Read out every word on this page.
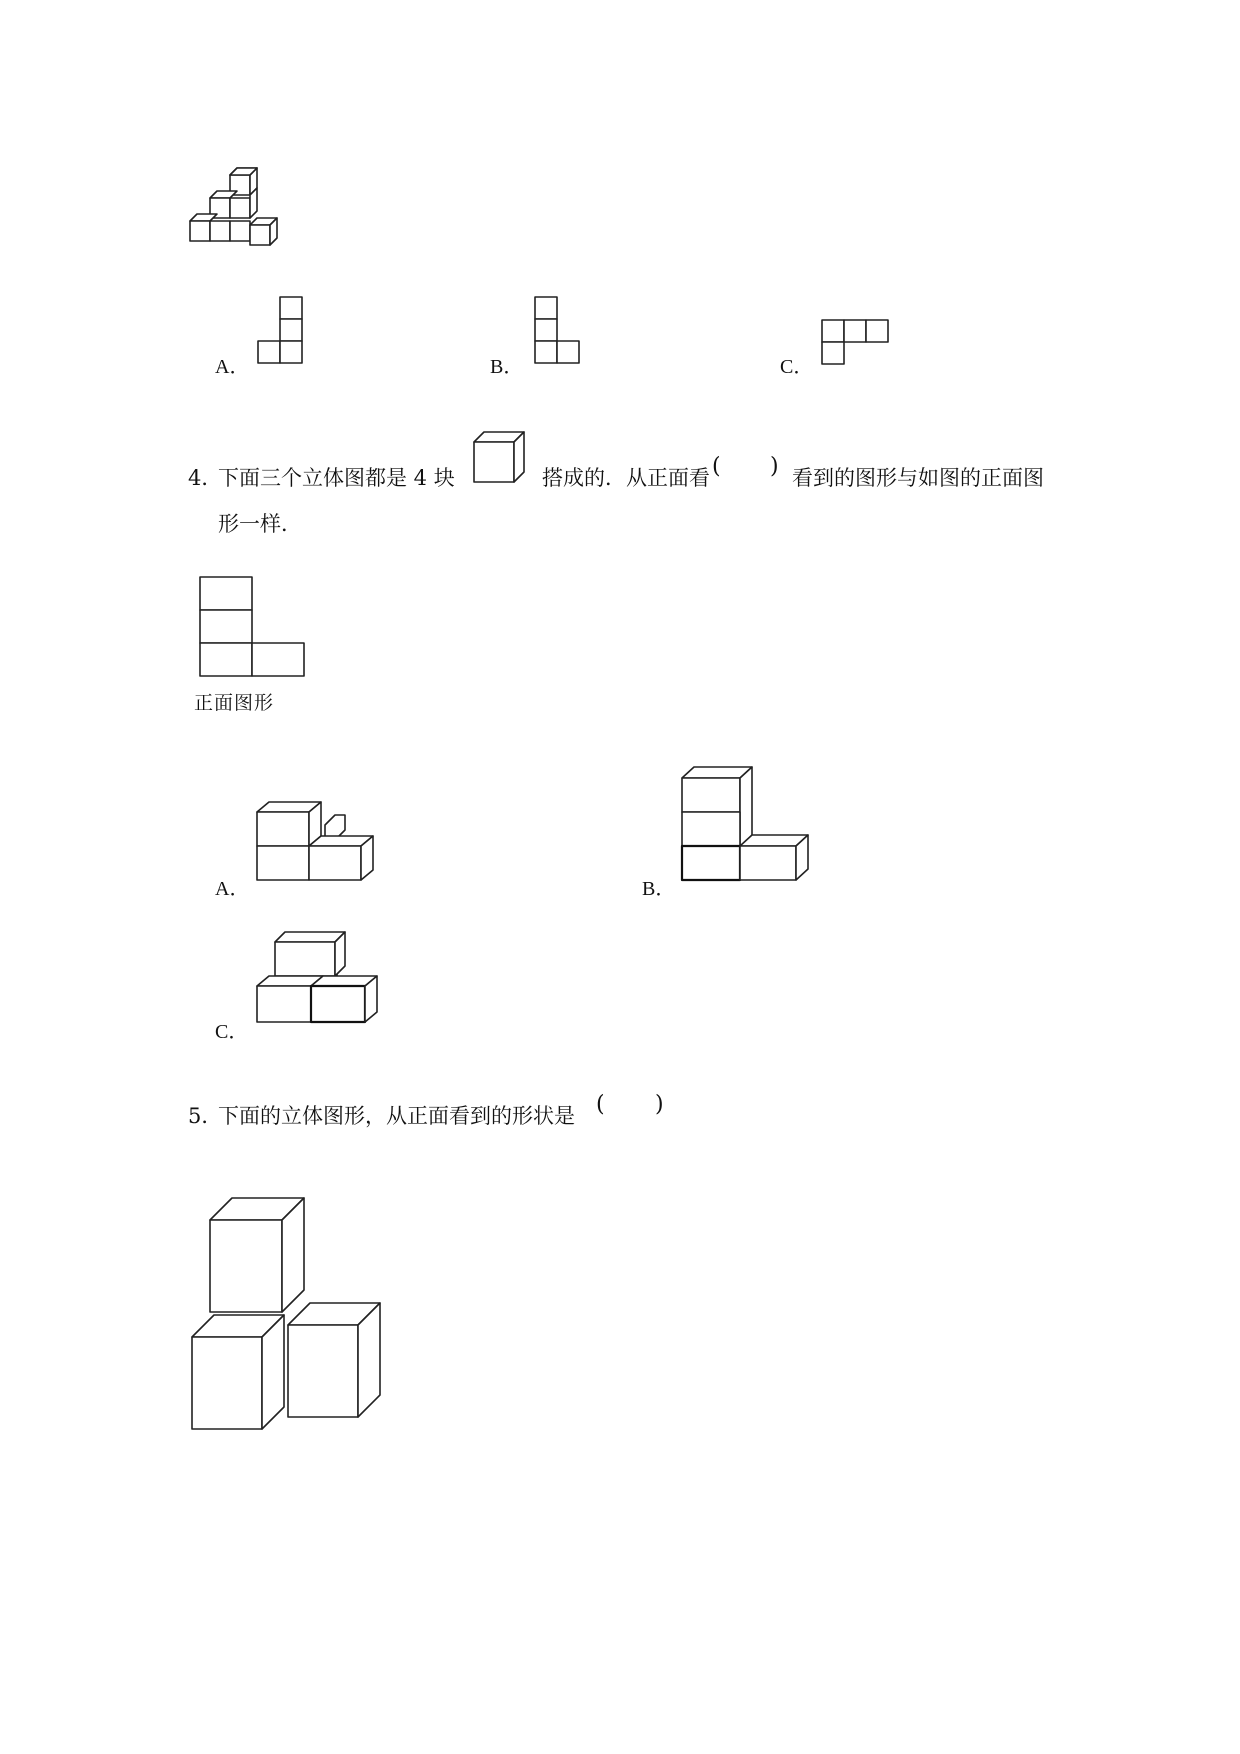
A．	B．	C．
4．
下面三个立体图都是 4 块	搭成的．从正面看 ( ) 看到的图形与如图的正面图
形一样．
正面图形
A．	B．
C．
5．
下面的立体图形，从正面看到的形状是 ( )
